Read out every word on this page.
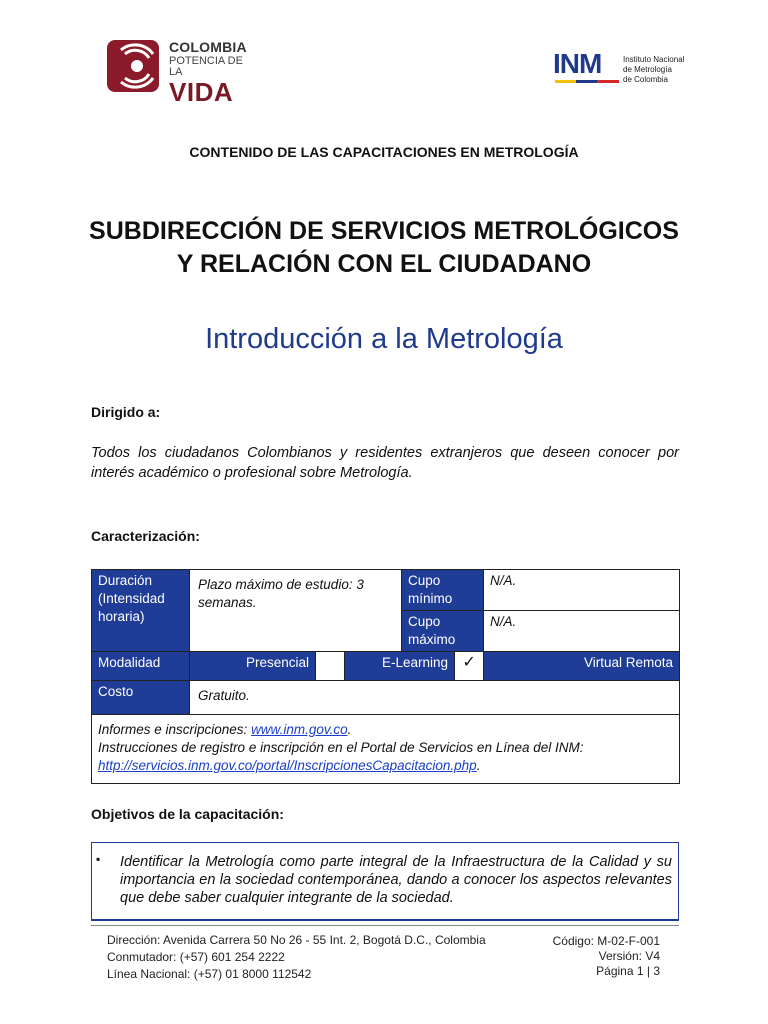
COLOMBIA
POTENCIA DE LA
VIDA
INM	Instituto Nacional
de Metrología
de Colombia
CONTENIDO DE LAS CAPACITACIONES EN METROLOGÍA
SUBDIRECCIÓN DE SERVICIOS METROLÓGICOS Y RELACIÓN CON EL CIUDADANO
Introducción a la Metrología
Dirigido a:
Todos los ciudadanos Colombianos y residentes extranjeros que deseen conocer por interés académico o profesional sobre Metrología.
Caracterización:
Duración (Intensidad horaria)	Plazo máximo de estudio: 3 semanas.			Cupo mínimo		N/A.
				Cupo máximo		N/A.
Modalidad	Presencial		E-Learning		✓	Virtual Remota
Costo	Gratuito.					
Informes e inscripciones: www.inm.gov.co.
Instrucciones de registro e inscripción en el Portal de Servicios en Línea del INM:
http://servicios.inm.gov.co/portal/InscripcionesCapacitacion.php.						
Objetivos de la capacitación:
▪ Identificar la Metrología como parte integral de la Infraestructura de la Calidad y su importancia en la sociedad contemporánea, dando a conocer los aspectos relevantes que debe saber cualquier integrante de la sociedad.
Dirección: Avenida Carrera 50 No 26 - 55 Int. 2, Bogotá D.C., Colombia
Conmutador: (+57) 601 254 2222
Línea Nacional: (+57) 01 8000 112542
Código: M-02-F-001
Versión: V4
Página 1 | 3
